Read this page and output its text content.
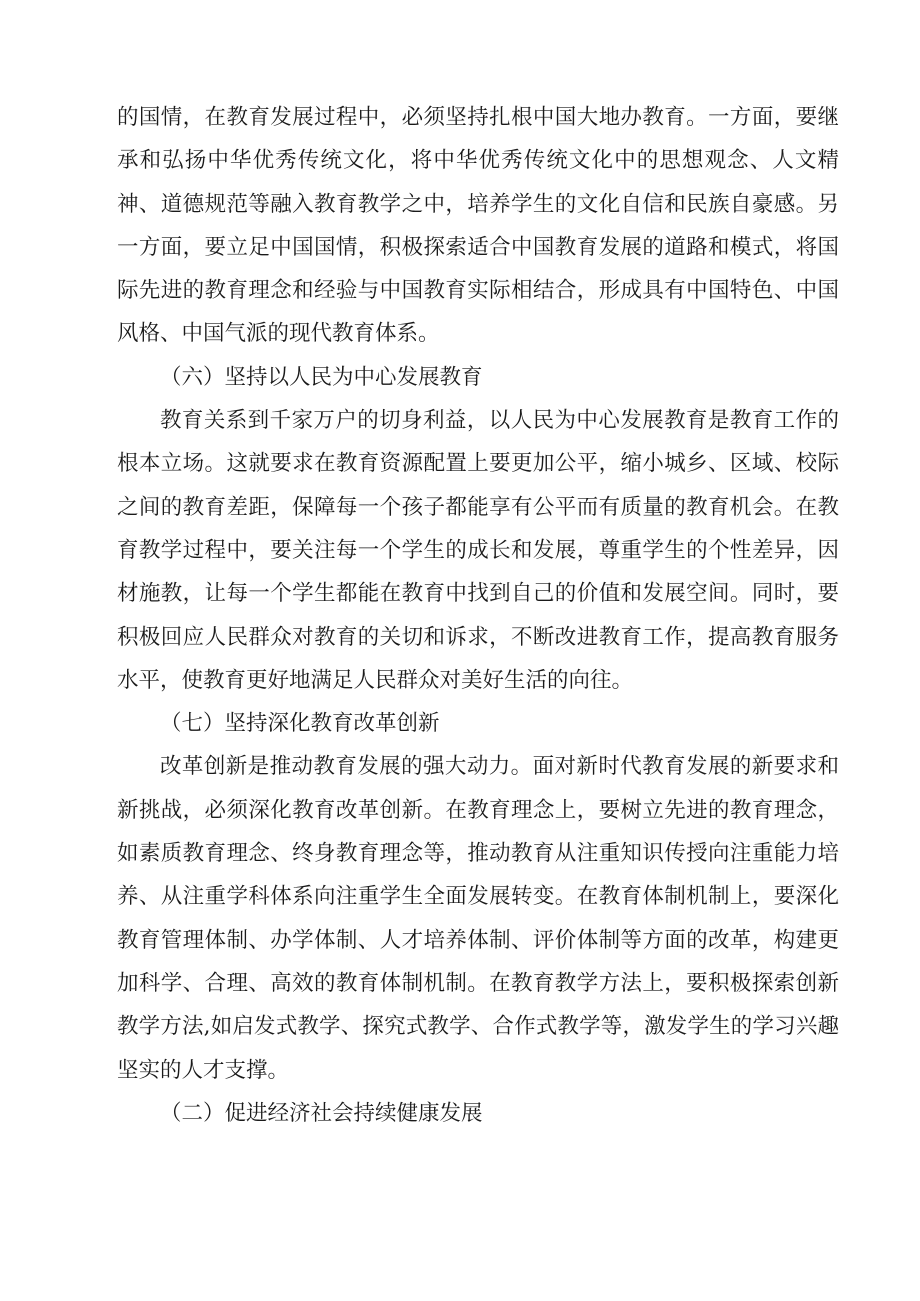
的国情，在教育发展过程中，必须坚持扎根中国大地办教育。一方面，要继承和弘扬中华优秀传统文化，将中华优秀传统文化中的思想观念、人文精神、道德规范等融入教育教学之中，培养学生的文化自信和民族自豪感。另一方面，要立足中国国情，积极探索适合中国教育发展的道路和模式，将国际先进的教育理念和经验与中国教育实际相结合，形成具有中国特色、中国风格、中国气派的现代教育体系。

（六）坚持以人民为中心发展教育

教育关系到千家万户的切身利益，以人民为中心发展教育是教育工作的根本立场。这就要求在教育资源配置上要更加公平，缩小城乡、区域、校际之间的教育差距，保障每一个孩子都能享有公平而有质量的教育机会。在教育教学过程中，要关注每一个学生的成长和发展，尊重学生的个性差异，因材施教，让每一个学生都能在教育中找到自己的价值和发展空间。同时，要积极回应人民群众对教育的关切和诉求，不断改进教育工作，提高教育服务水平，使教育更好地满足人民群众对美好生活的向往。

（七）坚持深化教育改革创新

改革创新是推动教育发展的强大动力。面对新时代教育发展的新要求和新挑战，必须深化教育改革创新。在教育理念上，要树立先进的教育理念，如素质教育理念、终身教育理念等，推动教育从注重知识传授向注重能力培养、从注重学科体系向注重学生全面发展转变。在教育体制机制上，要深化教育管理体制、办学体制、人才培养体制、评价体制等方面的改革，构建更加科学、合理、高效的教育体制机制。在教育教学方法上，要积极探索创新教学方法,如启发式教学、探究式教学、合作式教学等，激发学生的学习兴趣坚实的人才支撑。

（二）促进经济社会持续健康发展
